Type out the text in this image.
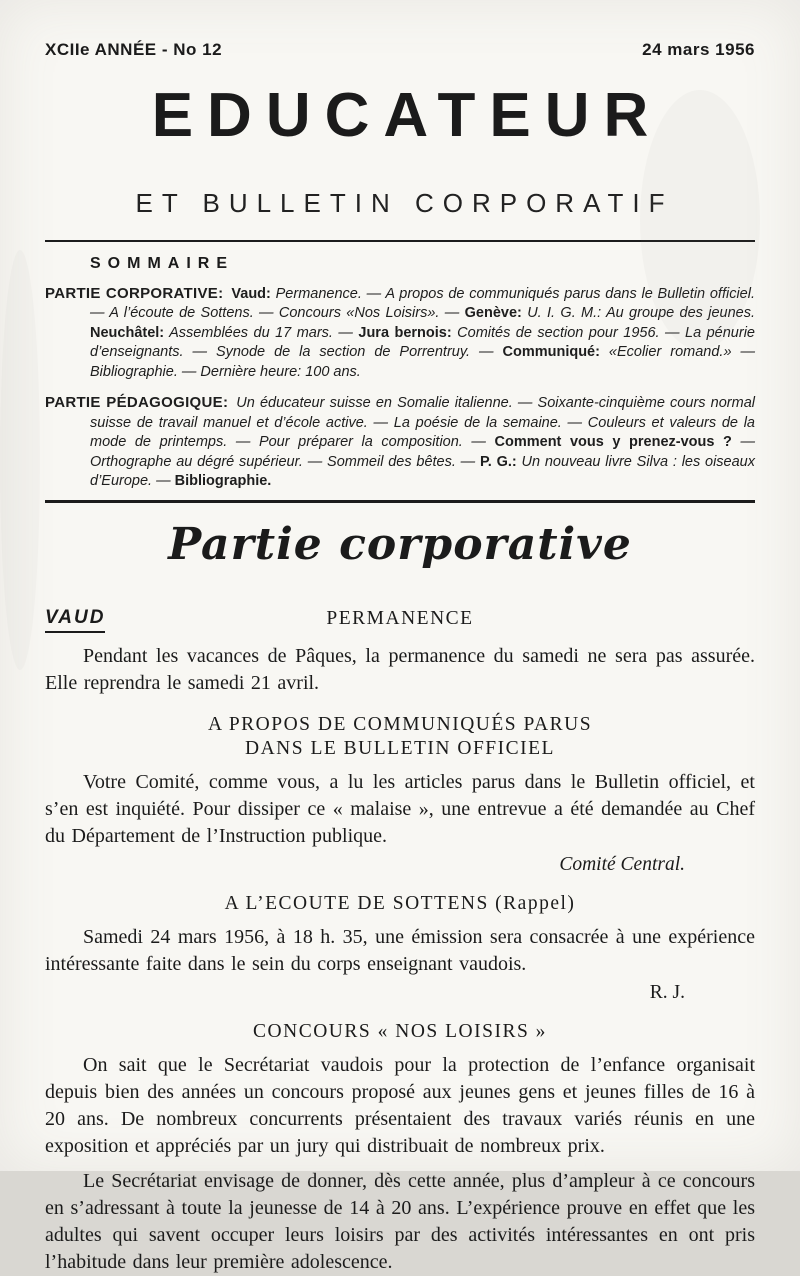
XCIIe ANNÉE - No 12	24 mars 1956
EDUCATEUR
ET BULLETIN CORPORATIF
SOMMAIRE

PARTIE CORPORATIVE: Vaud: Permanence. — A propos de communiqués parus dans le Bulletin officiel. — A l’écoute de Sottens. — Concours «Nos Loisirs». — Genève: U. I. G. M.: Au groupe des jeunes. Neuchâtel: Assemblées du 17 mars. — Jura bernois: Comités de section pour 1956. — La pénurie d’enseignants. — Synode de la section de Porrentruy. — Communiqué: «Ecolier romand.» — Bibliographie. — Dernière heure: 100 ans.

PARTIE PÉDAGOGIQUE: Un éducateur suisse en Somalie italienne. — Soixante-cinquième cours normal suisse de travail manuel et d’école active. — La poésie de la semaine. — Couleurs et valeurs de la mode de printemps. — Pour préparer la composition. — Comment vous y prenez-vous ? — Orthographe au dégré supérieur. — Sommeil des bêtes. — P. G.: Un nouveau livre Silva : les oiseaux d’Europe. — Bibliographie.

Partie corporative
VAUD	PERMANENCE

Pendant les vacances de Pâques, la permanence du samedi ne sera pas assurée. Elle reprendra le samedi 21 avril.

A PROPOS DE COMMUNIQUÉS PARUS
DANS LE BULLETIN OFFICIEL

Votre Comité, comme vous, a lu les articles parus dans le Bulletin officiel, et s’en est inquiété. Pour dissiper ce « malaise », une entrevue a été demandée au Chef du Département de l’Instruction publique.

Comité Central.
A L’ECOUTE DE SOTTENS (Rappel)

Samedi 24 mars 1956, à 18 h. 35, une émission sera consacrée à une expérience intéressante faite dans le sein du corps enseignant vaudois.

R. J.
CONCOURS « NOS LOISIRS »

On sait que le Secrétariat vaudois pour la protection de l’enfance organisait depuis bien des années un concours proposé aux jeunes gens et jeunes filles de 16 à 20 ans. De nombreux concurrents présentaient des travaux variés réunis en une exposition et appréciés par un jury qui distribuait de nombreux prix.

Le Secrétariat envisage de donner, dès cette année, plus d’ampleur à ce concours en s’adressant à toute la jeunesse de 14 à 20 ans. L’expérience prouve en effet que les adultes qui savent occuper leurs loisirs par des activités intéressantes en ont pris l’habitude dans leur première adolescence.
